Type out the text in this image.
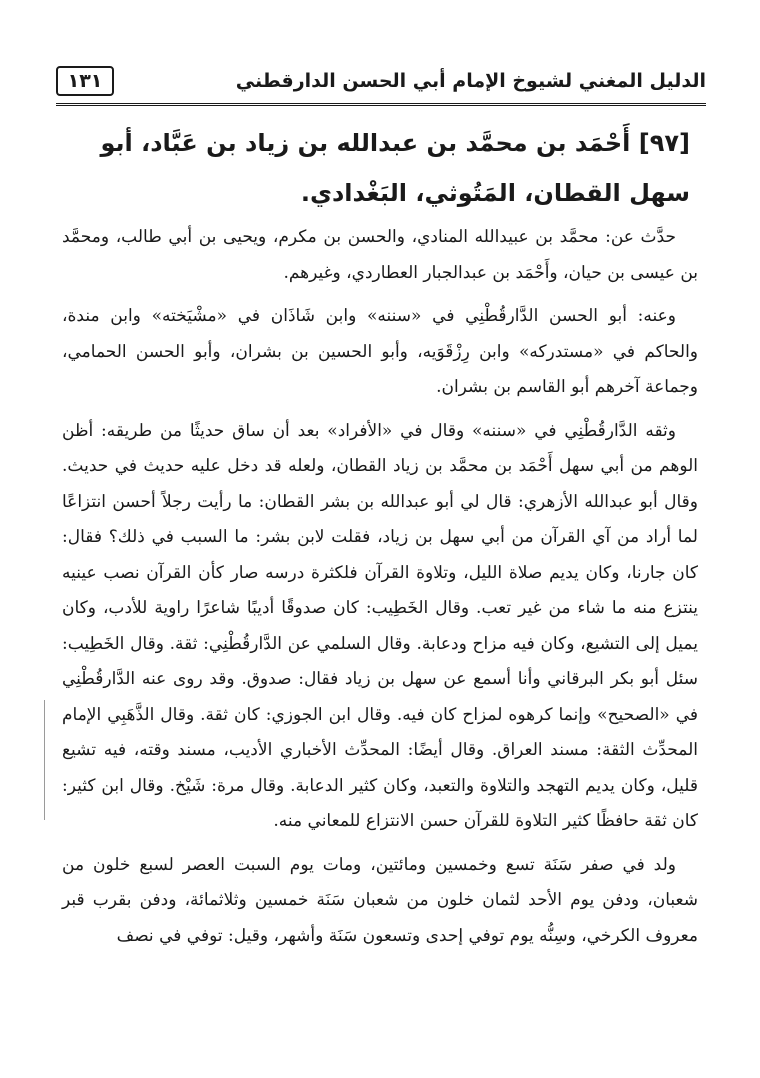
الدليل المغني لشيوخ الإمام أبي الحسن الدارقطني
١٣١
[٩٧] أَحْمَد بن محمَّد بن عبدالله بن زياد بن عَبَّاد، أبو سهل القطان، المَتُوثي، البَغْدادي.

حدَّث عن: محمَّد بن عبيدالله المنادي، والحسن بن مكرم، ويحيى بن أبي طالب، ومحمَّد بن عيسى بن حيان، وأَحْمَد بن عبدالجبار العطاردي، وغيرهم.

وعنه: أبو الحسن الدَّارقُطْنِي في «سننه» وابن شَاذَان في «مشْيَخته» وابن مندة، والحاكم في «مستدركه» وابن رِزْقَوَيه، وأبو الحسين بن بشران، وأبو الحسن الحمامي، وجماعة آخرهم أبو القاسم بن بشران.

وثقه الدَّارقُطْنِي في «سننه» وقال في «الأفراد» بعد أن ساق حديثًا من طريقه: أظن الوهم من أبي سهل أَحْمَد بن محمَّد بن زياد القطان، ولعله قد دخل عليه حديث في حديث. وقال أبو عبدالله الأزهري: قال لي أبو عبدالله بن بشر القطان: ما رأيت رجلاً أحسن انتزاعًا لما أراد من آي القرآن من أبي سهل بن زياد، فقلت لابن بشر: ما السبب في ذلك؟ فقال: كان جارنا، وكان يديم صلاة الليل، وتلاوة القرآن فلكثرة درسه صار كأن القرآن نصب عينيه ينتزع منه ما شاء من غير تعب. وقال الخَطِيب: كان صدوقًا أديبًا شاعرًا راوية للأدب، وكان يميل إلى التشيع، وكان فيه مزاح ودعابة. وقال السلمي عن الدَّارقُطْنِي: ثقة. وقال الخَطِيب: سئل أبو بكر البرقاني وأنا أسمع عن سهل بن زياد فقال: صدوق. وقد روى عنه الدَّارقُطْنِي في «الصحيح» وإنما كرهوه لمزاح كان فيه. وقال ابن الجوزي: كان ثقة. وقال الذَّهَبِي الإمام المحدِّث الثقة: مسند العراق. وقال أيضًا: المحدِّث الأخباري الأديب، مسند وقته، فيه تشيع قليل، وكان يديم التهجد والتلاوة والتعبد، وكان كثير الدعابة. وقال مرة: شَيْخ. وقال ابن كثير: كان ثقة حافظًا كثير التلاوة للقرآن حسن الانتزاع للمعاني منه.

ولد في صفر سَنَة تسع وخمسين ومائتين، ومات يوم السبت العصر لسبع خلون من شعبان، ودفن يوم الأحد لثمان خلون من شعبان سَنَة خمسين وثلاثمائة، ودفن بقرب قبر معروف الكرخي، وسِنُّه يوم توفي إحدى وتسعون سَنَة وأشهر، وقيل: توفي في نصف
